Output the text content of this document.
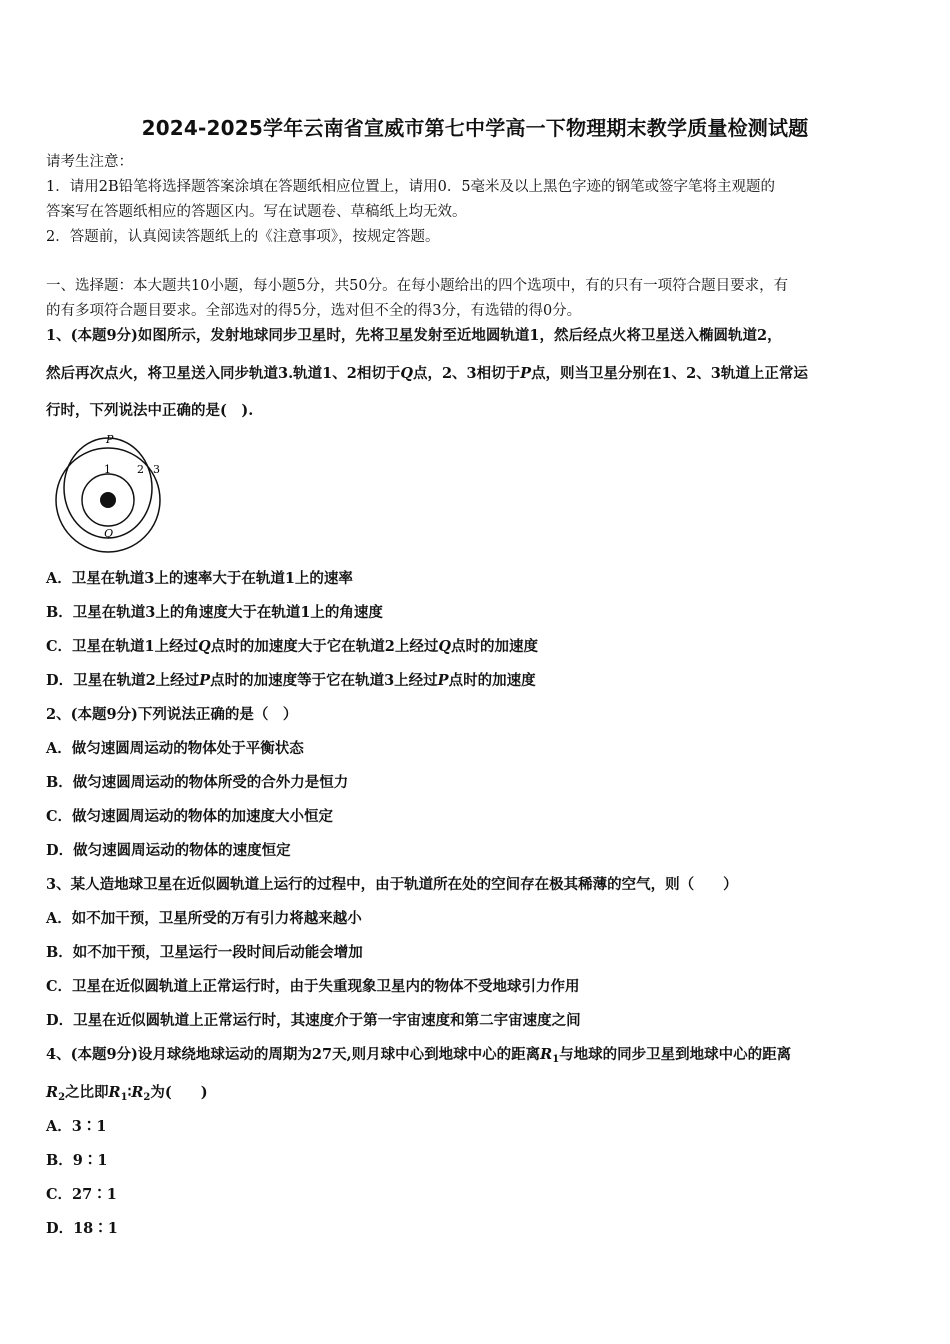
2024-2025学年云南省宣威市第七中学高一下物理期末教学质量检测试题
请考生注意：
1．请用2B铅笔将选择题答案涂填在答题纸相应位置上，请用0．5毫米及以上黑色字迹的钢笔或签字笔将主观题的
答案写在答题纸相应的答题区内。写在试题卷、草稿纸上均无效。
2．答题前，认真阅读答题纸上的《注意事项》，按规定答题。
一、选择题：本大题共10小题，每小题5分，共50分。在每小题给出的四个选项中，有的只有一项符合题目要求，有
的有多项符合题目要求。全部选对的得5分，选对但不全的得3分，有选错的得0分。
1、(本题9分)如图所示，发射地球同步卫星时，先将卫星发射至近地圆轨道1，然后经点火将卫星送入椭圆轨道2，
然后再次点火，将卫星送入同步轨道3.轨道1、2相切于Q点，2、3相切于P点，则当卫星分别在1、2、3轨道上正常运
行时，下列说法中正确的是(　).
P
1 2 3
Q
A．卫星在轨道3上的速率大于在轨道1上的速率
B．卫星在轨道3上的角速度大于在轨道1上的角速度
C．卫星在轨道1上经过Q点时的加速度大于它在轨道2上经过Q点时的加速度
D．卫星在轨道2上经过P点时的加速度等于它在轨道3上经过P点时的加速度
2、(本题9分)下列说法正确的是（　）
A．做匀速圆周运动的物体处于平衡状态
B．做匀速圆周运动的物体所受的合外力是恒力
C．做匀速圆周运动的物体的加速度大小恒定
D．做匀速圆周运动的物体的速度恒定
3、某人造地球卫星在近似圆轨道上运行的过程中，由于轨道所在处的空间存在极其稀薄的空气，则（　　）
A．如不加干预，卫星所受的万有引力将越来越小
B．如不加干预，卫星运行一段时间后动能会增加
C．卫星在近似圆轨道上正常运行时，由于失重现象卫星内的物体不受地球引力作用
D．卫星在近似圆轨道上正常运行时，其速度介于第一宇宙速度和第二宇宙速度之间
4、(本题9分)设月球绕地球运动的周期为27天,则月球中心到地球中心的距离$R_1$与地球的同步卫星到地球中心的距离
$R_2$之比即$R_1∶R_2$为(　　)
A．3∶1
B．9∶1
C．27∶1
D．18∶1
